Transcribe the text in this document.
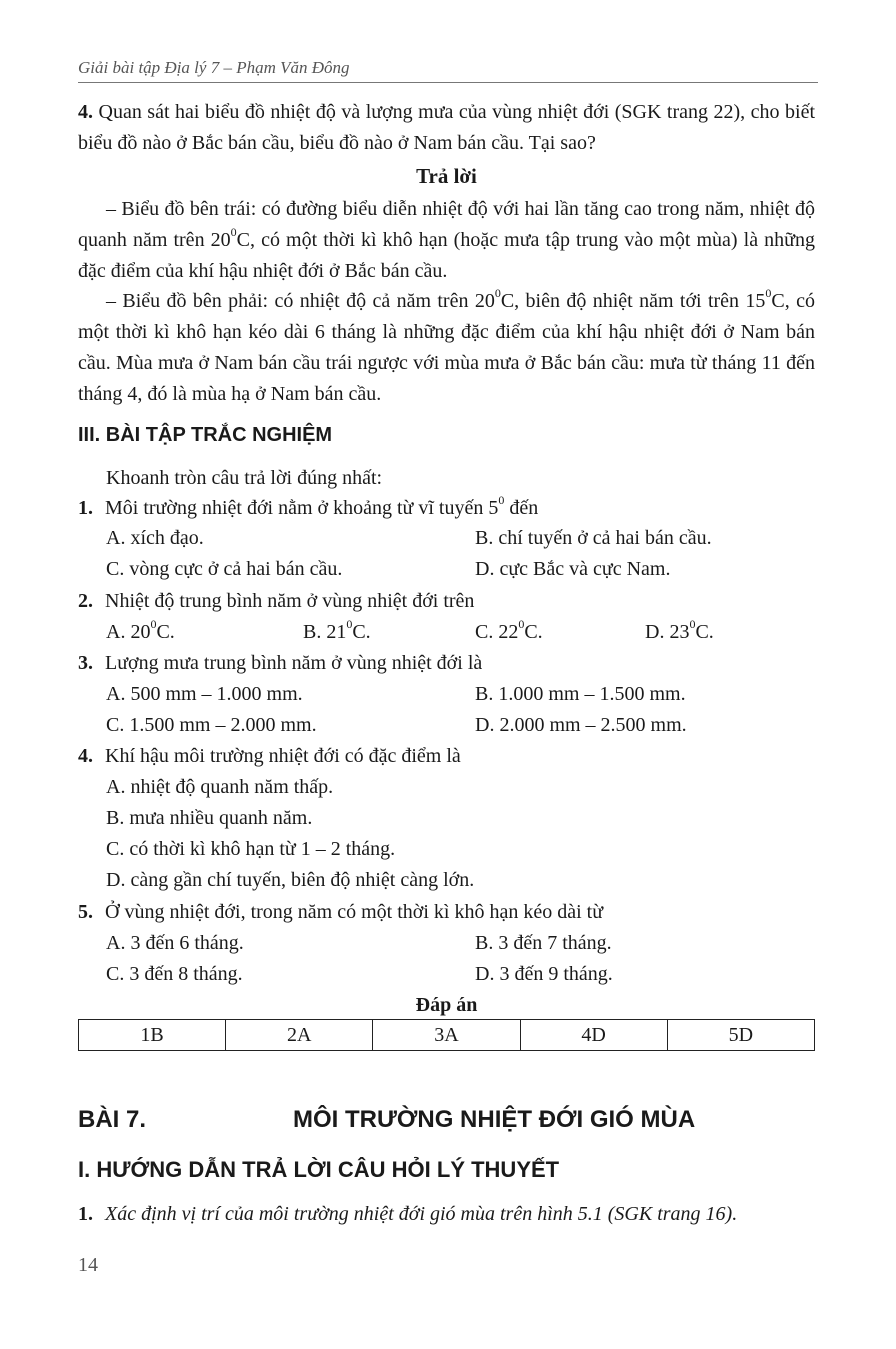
Giải bài tập Địa lý 7 – Phạm Văn Đông
4. Quan sát hai biểu đồ nhiệt độ và lượng mưa của vùng nhiệt đới (SGK trang 22), cho biết biểu đồ nào ở Bắc bán cầu, biểu đồ nào ở Nam bán cầu. Tại sao?
Trả lời
– Biểu đồ bên trái: có đường biểu diễn nhiệt độ với hai lần tăng cao trong năm, nhiệt độ quanh năm trên $20^0C$, có một thời kì khô hạn (hoặc mưa tập trung vào một mùa) là những đặc điểm của khí hậu nhiệt đới ở Bắc bán cầu.
– Biểu đồ bên phải: có nhiệt độ cả năm trên $20^0C$, biên độ nhiệt năm tới trên $15^0C$, có một thời kì khô hạn kéo dài 6 tháng là những đặc điểm của khí hậu nhiệt đới ở Nam bán cầu. Mùa mưa ở Nam bán cầu trái ngược với mùa mưa ở Bắc bán cầu: mưa từ tháng 11 đến tháng 4, đó là mùa hạ ở Nam bán cầu.
III. BÀI TẬP TRẮC NGHIỆM
Khoanh tròn câu trả lời đúng nhất:
1. Môi trường nhiệt đới nằm ở khoảng từ vĩ tuyến $5^0$ đến
A. xích đạo.	B. chí tuyến ở cả hai bán cầu.
C. vòng cực ở cả hai bán cầu.	D. cực Bắc và cực Nam.
2. Nhiệt độ trung bình năm ở vùng nhiệt đới trên
A. $20^0C$.	B. $21^0C$.	C. $22^0C$.	D. $23^0C$.
3. Lượng mưa trung bình năm ở vùng nhiệt đới là
A. 500 mm – 1.000 mm.	B. 1.000 mm – 1.500 mm.
C. 1.500 mm – 2.000 mm.	D. 2.000 mm – 2.500 mm.
4. Khí hậu môi trường nhiệt đới có đặc điểm là
A. nhiệt độ quanh năm thấp.
B. mưa nhiều quanh năm.
C. có thời kì khô hạn từ 1 – 2 tháng.
D. càng gần chí tuyến, biên độ nhiệt càng lớn.
5. Ở vùng nhiệt đới, trong năm có một thời kì khô hạn kéo dài từ
A. 3 đến 6 tháng.	B. 3 đến 7 tháng.
C. 3 đến 8 tháng.	D. 3 đến 9 tháng.
Đáp án
1B	2A	3A	4D	5D
BÀI 7.	MÔI TRƯỜNG NHIỆT ĐỚI GIÓ MÙA
I. HƯỚNG DẪN TRẢ LỜI CÂU HỎI LÝ THUYẾT
1. Xác định vị trí của môi trường nhiệt đới gió mùa trên hình 5.1 (SGK trang 16).
14
